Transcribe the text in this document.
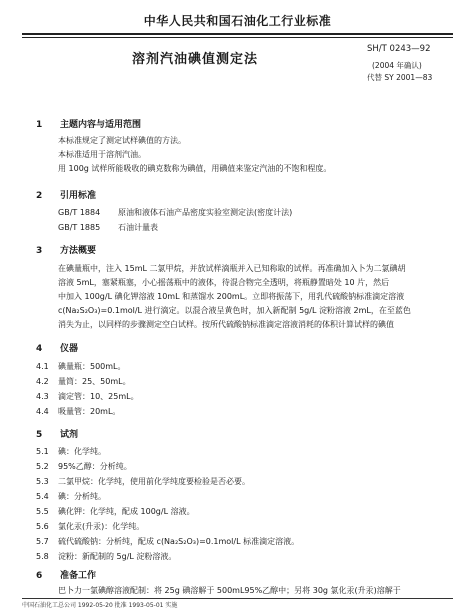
中华人民共和国石油化工行业标准
溶剂汽油碘值测定法
SH/T 0243—92
(2004 年确认)
代替 SY 2001—83
1 主题内容与适用范围
本标准规定了测定试样碘值的方法。
本标准适用于溶剂汽油。
用 100g 试样所能吸收的碘克数称为碘值，用碘值来鉴定汽油的不饱和程度。
2 引用标准
GB/T 1884 原油和液体石油产品密度实验室测定法(密度计法)
GB/T 1885 石油计量表
3 方法概要
在碘量瓶中，注入 15mL 二氯甲烷，并放试样滴瓶并入已知称取的试样。再准确加入卜为二氯碘胡
溶液 5mL，塞紧瓶塞，小心摇荡瓶中的液体，待混合物完全透明，将瓶静置暗处 10 片，然后
中加入 100g/L 碘化钾溶液 10mL 和蒸馏水 200mL。立即将振荡下，用乳代硫酸钠标准滴定溶液
c(Na₂S₂O₃)=0.1mol/L 进行滴定。以混合液呈黄色时，加入新配制 5g/L 淀粉溶液 2mL，在至蓝色
消失为止，以同样的步骤测定空白试样。按所代硫酸钠标准滴定溶液消耗的体积计算试样的碘值
4 仪器
4.1 碘量瓶：500mL。
4.2 量筒：25、50mL。
4.3 滴定管：10、25mL。
4.4 吸量管：20mL。
5 试剂
5.1 碘：化学纯。
5.2 95%乙醇：分析纯。
5.3 二氯甲烷：化学纯，使用前化学纯度要检验是否必要。
5.4 碘：分析纯。
5.5 碘化钾：化学纯，配成 100g/L 溶液。
5.6 氯化汞(升汞)：化学纯。
5.7 硫代硫酸钠：分析纯，配成 c(Na₂S₂O₃)=0.1mol/L 标准滴定溶液。
5.8 淀粉：新配制的 5g/L 淀粉溶液。
6 准备工作
巴卜力一氯碘醇溶液配制：将 25g 碘溶解于 500mL95%乙醇中；另将 30g 氯化汞(升汞)溶解于
中国石油化工总公司 1992-05-20 批准 1993-05-01 实施
